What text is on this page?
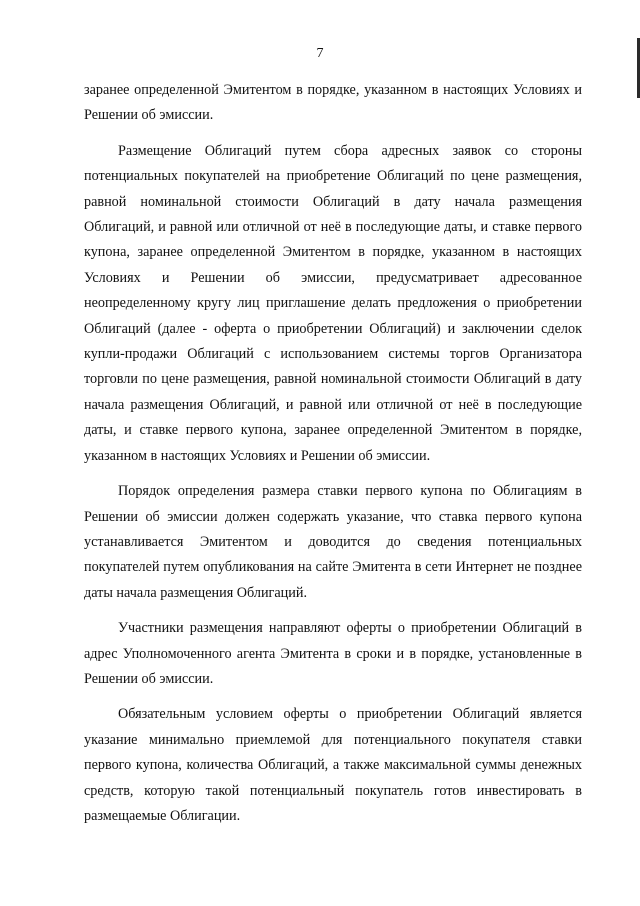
7

заранее определенной Эмитентом в порядке, указанном в настоящих Условиях и Решении об эмиссии.

Размещение Облигаций путем сбора адресных заявок со стороны потенциальных покупателей на приобретение Облигаций по цене размещения, равной номинальной стоимости Облигаций в дату начала размещения Облигаций, и равной или отличной от неё в последующие даты, и ставке первого купона, заранее определенной Эмитентом в порядке, указанном в настоящих Условиях и Решении об эмиссии, предусматривает адресованное неопределенному кругу лиц приглашение делать предложения о приобретении Облигаций (далее - оферта о приобретении Облигаций) и заключении сделок купли-продажи Облигаций с использованием системы торгов Организатора торговли по цене размещения, равной номинальной стоимости Облигаций в дату начала размещения Облигаций, и равной или отличной от неё в последующие даты, и ставке первого купона, заранее определенной Эмитентом в порядке, указанном в настоящих Условиях и Решении об эмиссии.

Порядок определения размера ставки первого купона по Облигациям в Решении об эмиссии должен содержать указание, что ставка первого купона устанавливается Эмитентом и доводится до сведения потенциальных покупателей путем опубликования на сайте Эмитента в сети Интернет не позднее даты начала размещения Облигаций.

Участники размещения направляют оферты о приобретении Облигаций в адрес Уполномоченного агента Эмитента в сроки и в порядке, установленные в Решении об эмиссии.

Обязательным условием оферты о приобретении Облигаций является указание минимально приемлемой для потенциального покупателя ставки первого купона, количества Облигаций, а также максимальной суммы денежных средств, которую такой потенциальный покупатель готов инвестировать в размещаемые Облигации.
